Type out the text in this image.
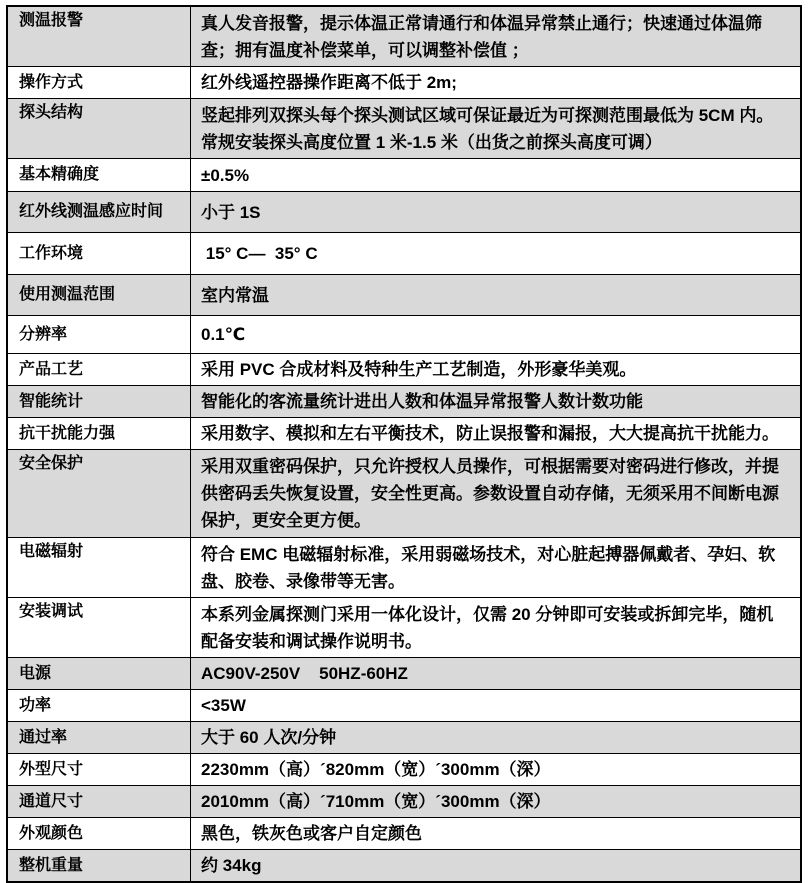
测温报警	真人发音报警，提示体温正常请通行和体温异常禁止通行；快速通过体温筛查；拥有温度补偿菜单，可以调整补偿值 ；
操作方式	红外线遥控器操作距离不低于 2m;
探头结构	竖起排列双探头每个探头测试区域可保证最近为可探测范围最低为 5CM 内。常规安装探头高度位置 1 米-1.5 米（出货之前探头高度可调）
基本精确度	±0.5%
红外线测温感应时间	小于 1S
工作环境	15° C—  35° C
使用测温范围	室内常温
分辨率	0.1℃
产品工艺	采用 PVC 合成材料及特种生产工艺制造，外形豪华美观。
智能统计	智能化的客流量统计进出人数和体温异常报警人数计数功能
抗干扰能力强	采用数字、模拟和左右平衡技术，防止误报警和漏报，大大提高抗干扰能力。
安全保护	采用双重密码保护，只允许授权人员操作，可根据需要对密码进行修改，并提供密码丢失恢复设置，安全性更高。参数设置自动存储，无须采用不间断电源保护，更安全更方便。
电磁辐射	符合 EMC 电磁辐射标准，采用弱磁场技术，对心脏起搏器佩戴者、孕妇、软盘、胶卷、录像带等无害。
安装调试	本系列金属探测门采用一体化设计，仅需 20 分钟即可安装或拆卸完毕，随机配备安装和调试操作说明书。
电源	AC90V-250V    50HZ-60HZ
功率	<35W
通过率	大于 60 人次/分钟
外型尺寸	2230mm（高）´820mm（宽）´300mm（深）
通道尺寸	2010mm（高）´710mm（宽）´300mm（深）
外观颜色	黑色，铁灰色或客户自定颜色
整机重量	约 34kg
